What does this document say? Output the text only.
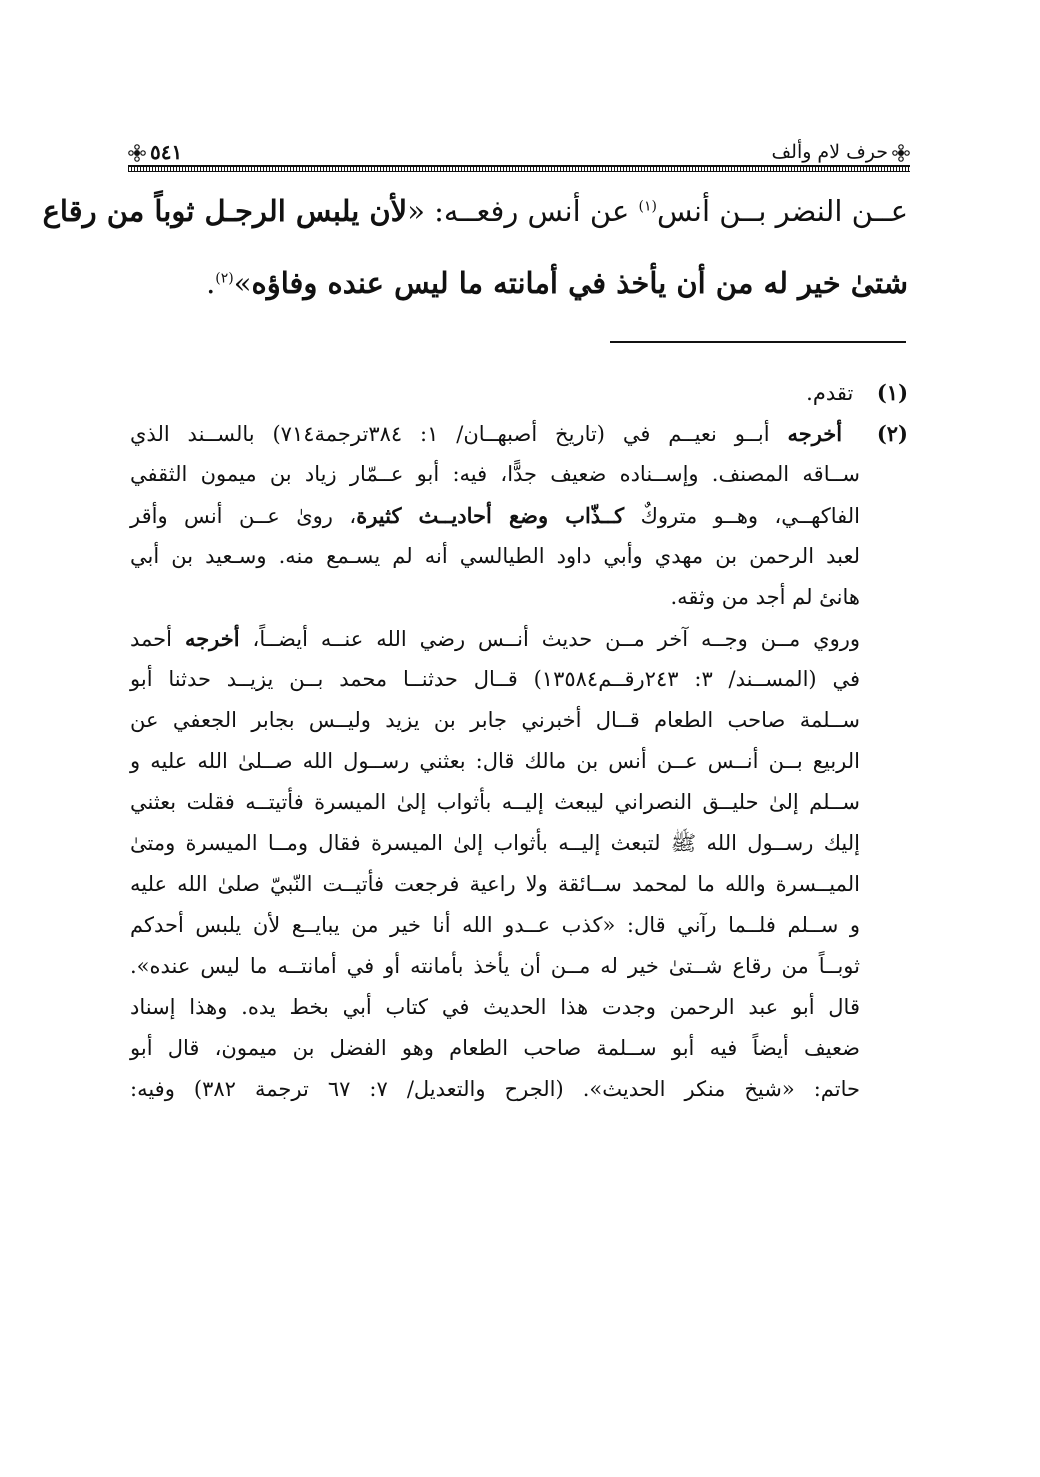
حرف لام وألف
٥٤١
عــن النضر بــن أنس$^{(١)}$ عن أنس رفعــه: «لأن يلبس الرجـل ثوباً من رقاع
شتىٰ خير له من أن يأخذ في أمانته ما ليس عنده وفاؤه»$^{(٢)}$.
(١) تقدم.
(٢) أخرجه أبــو نعيــم في (تاريخ أصبهــان/ ١: ٣٨٤ترجمة٧١٤) بالســند الذي
ســاقه المصنف. وإســناده ضعيف جدًّا، فيه: أبو عــمّار زياد بن ميمون الثقفي
الفاكهــي، وهــو متروكٌ كــذّاب وضع أحاديــث كثيرة، روىٰ عــن أنس وأقر
لعبد الرحمن بن مهدي وأبي داود الطيالسي أنه لم يسـمع منه. وسـعيد بن أبي
هانئ لم أجد من وثقه.
وروي مــن وجــه آخر مــن حديث أنــس رضي الله عنــه أيضــاً، أخرجه أحمد
في (المســند/ ٣: ٢٤٣رقــم١٣٥٨٤) قــال حدثنــا محمد بــن يزيــد حدثنا أبو
ســلمة صاحب الطعام قــال أخبرني جابر بن يزيد وليــس بجابر الجعفي عن
الربيع بــن أنــس عــن أنس بن مالك قال: بعثني رســول الله صــلىٰ الله عليه و
ســلم إلىٰ حليــق النصراني ليبعث إليــه بأثواب إلىٰ الميسرة فأتيتــه فقلت بعثني
إليك رســول الله ﷺ لتبعث إليــه بأثواب إلىٰ الميسرة فقال ومــا الميسرة ومتىٰ
الميــسرة والله ما لمحمد ســائقة ولا راعية فرجعت فأتيــت النّبيّ صلىٰ الله عليه
و ســلم فلــما رآني قال: «كذب عــدو الله أنا خير من يبايــع لأن يلبس أحدكم
ثوبــاً من رقاع شــتىٰ خير له مــن أن يأخذ بأمانته أو في أمانتــه ما ليس عنده».
قال أبو عبد الرحمن وجدت هذا الحديث في كتاب أبي بخط يده. وهذا إسناد
ضعيف أيضاً فيه أبو ســلمة صاحب الطعام وهو الفضل بن ميمون، قال أبو
حاتم: «شيخ منكر الحديث». (الجرح والتعديل/ ٧: ٦٧ ترجمة ٣٨٢) وفيه:
